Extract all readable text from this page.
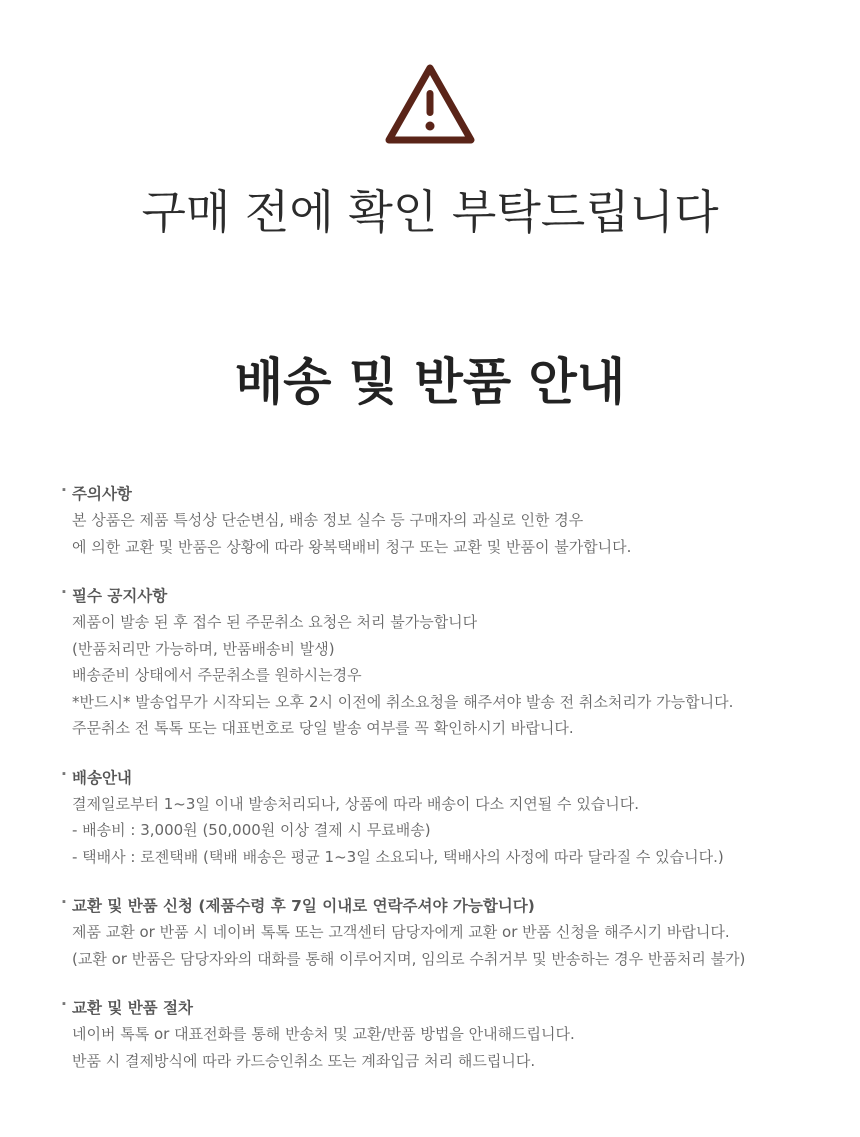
구매 전에 확인 부탁드립니다
배송 및 반품 안내
· 주의사항
본 상품은 제품 특성상 단순변심, 배송 정보 실수 등 구매자의 과실로 인한 경우
에 의한 교환 및 반품은 상황에 따라 왕복택배비 청구 또는 교환 및 반품이 불가합니다.
· 필수 공지사항
제품이 발송 된 후 접수 된 주문취소 요청은 처리 불가능합니다
(반품처리만 가능하며, 반품배송비 발생)
배송준비 상태에서 주문취소를 원하시는경우
*반드시* 발송업무가 시작되는 오후 2시 이전에 취소요청을 해주셔야 발송 전 취소처리가 가능합니다.
주문취소 전 톡톡 또는 대표번호로 당일 발송 여부를 꼭 확인하시기 바랍니다.
· 배송안내
결제일로부터 1~3일 이내 발송처리되나, 상품에 따라 배송이 다소 지연될 수 있습니다.
- 배송비 : 3,000원 (50,000원 이상 결제 시 무료배송)
- 택배사 : 로젠택배 (택배 배송은 평균 1~3일 소요되나, 택배사의 사정에 따라 달라질 수 있습니다.)
· 교환 및 반품 신청 (제품수령 후 7일 이내로 연락주셔야 가능합니다)
제품 교환 or 반품 시 네이버 톡톡 또는 고객센터 담당자에게 교환 or 반품 신청을 해주시기 바랍니다.
(교환 or 반품은 담당자와의 대화를 통해 이루어지며, 임의로 수취거부 및 반송하는 경우 반품처리 불가)
· 교환 및 반품 절차
네이버 톡톡 or 대표전화를 통해 반송처 및 교환/반품 방법을 안내해드립니다.
반품 시 결제방식에 따라 카드승인취소 또는 계좌입금 처리 해드립니다.
